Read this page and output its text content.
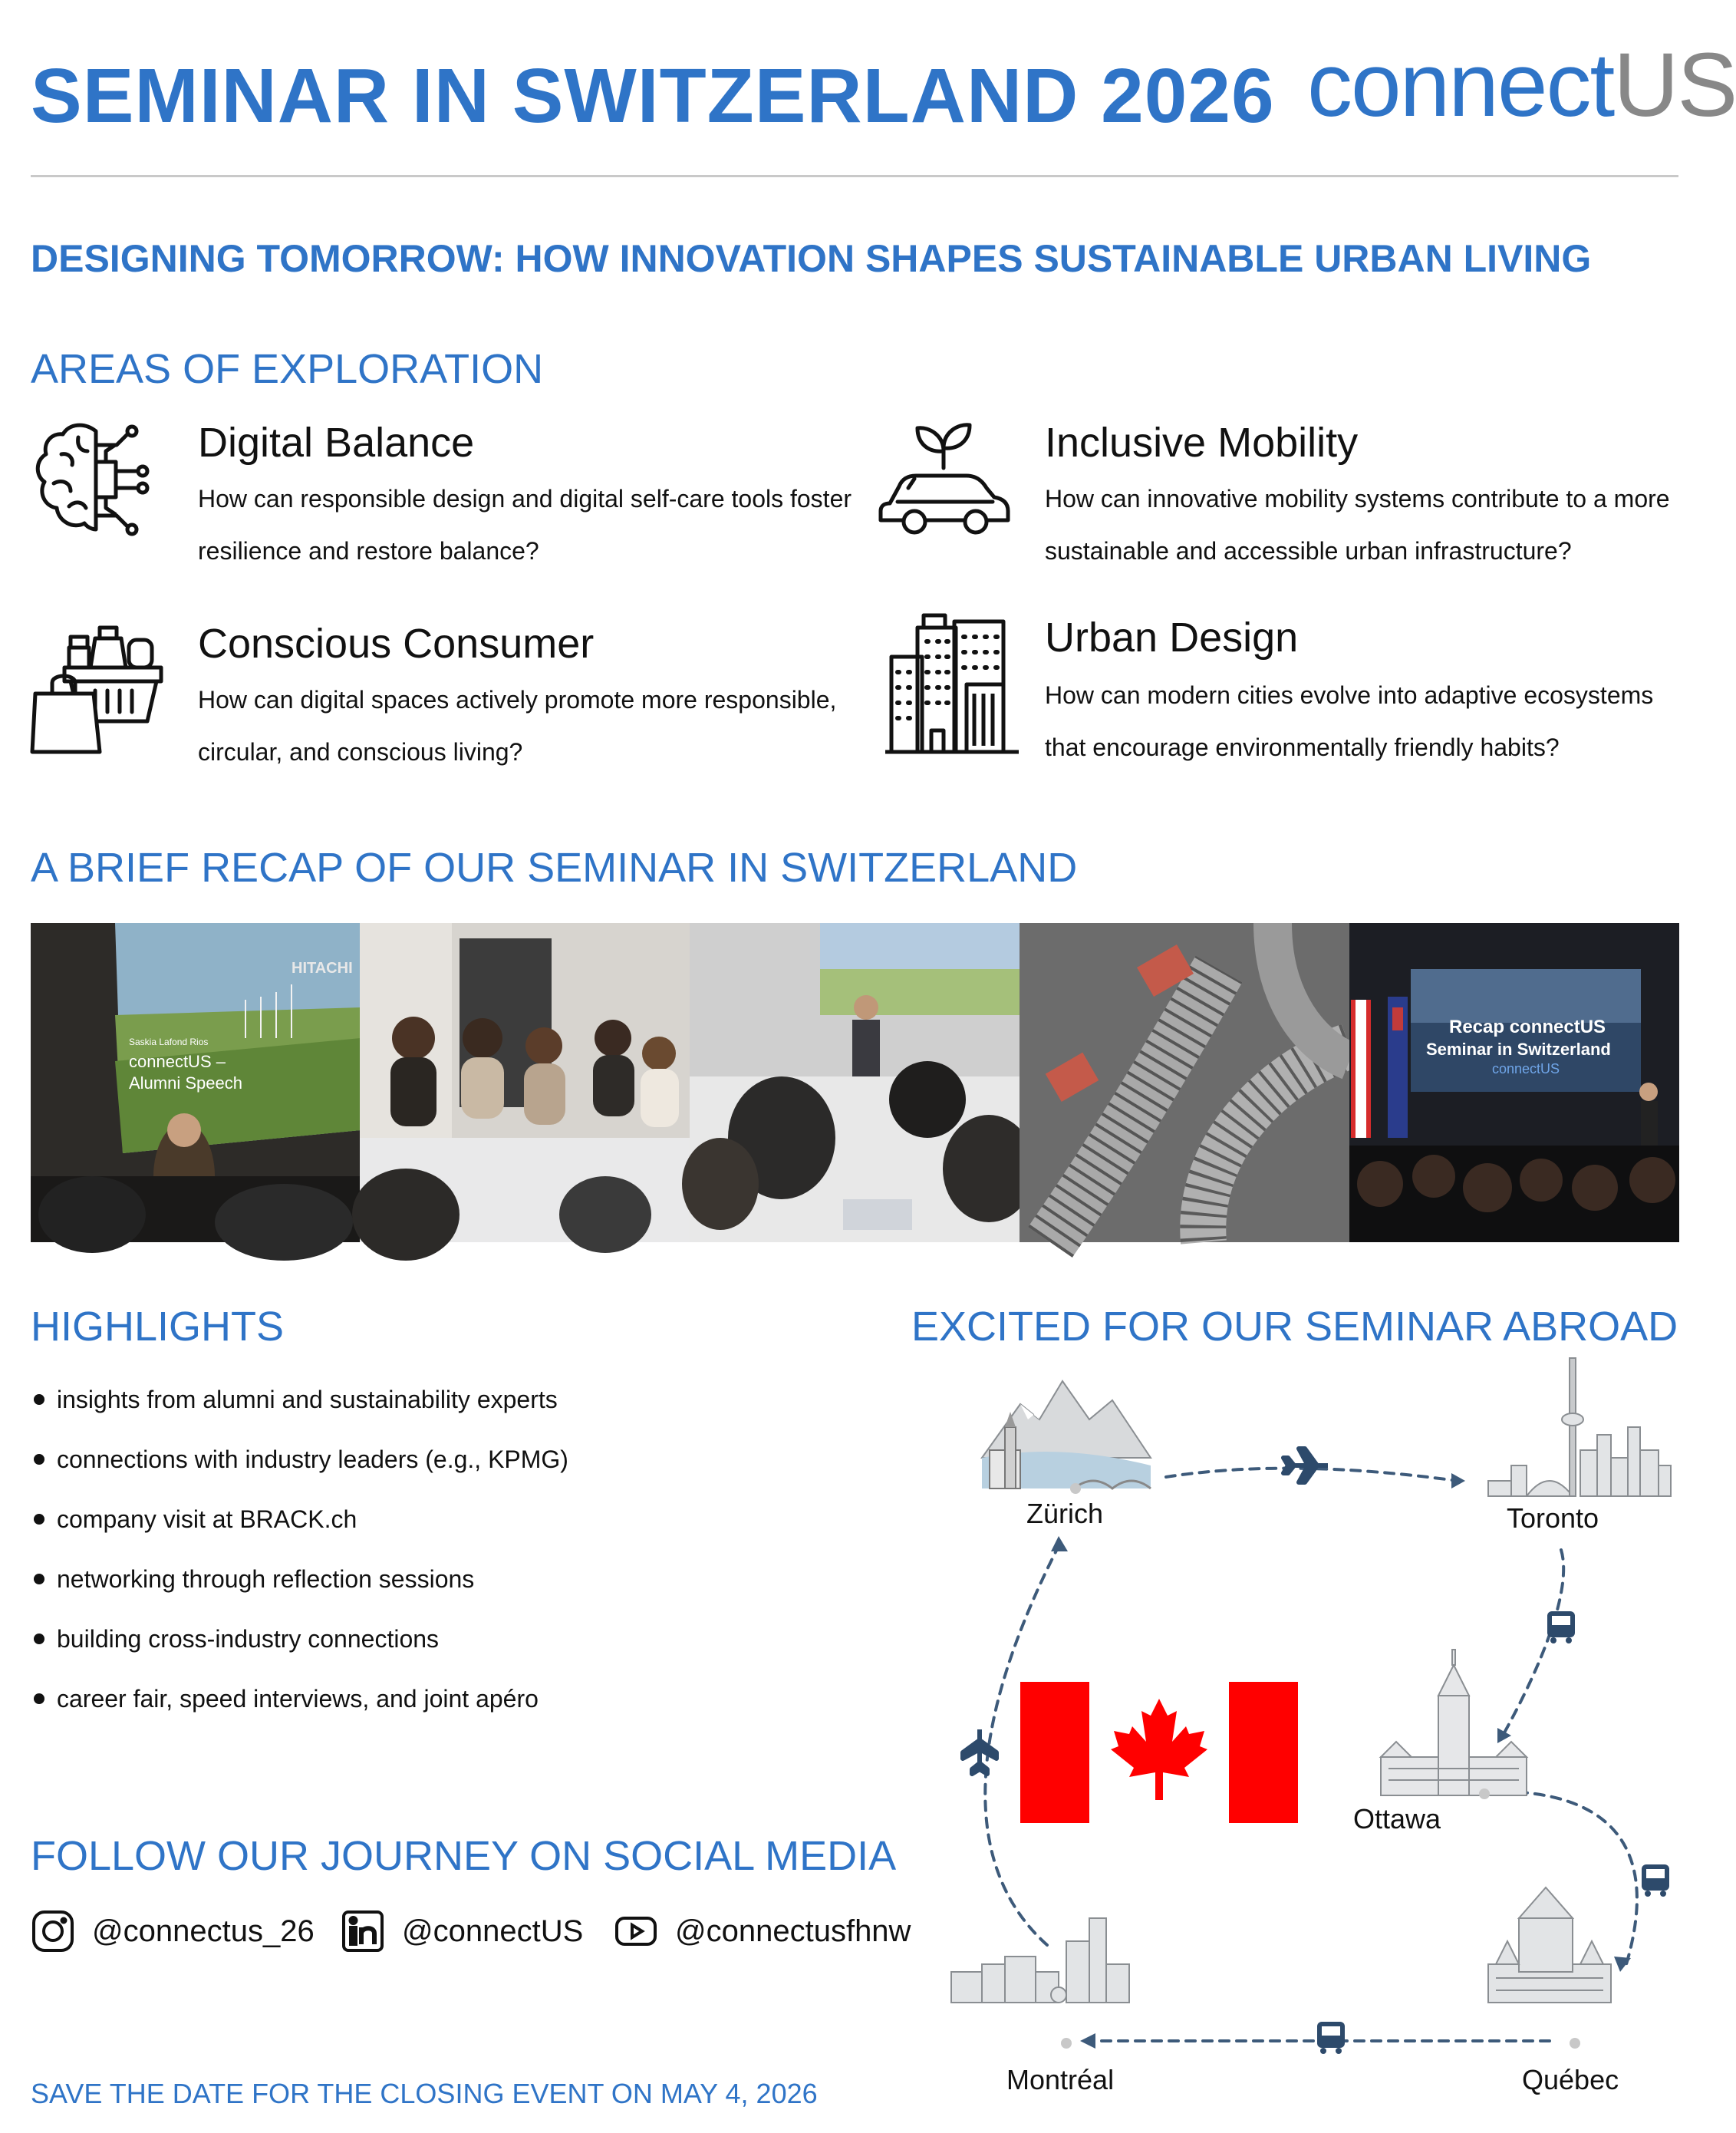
SEMINAR IN SWITZERLAND 2026 connectUS
DESIGNING TOMORROW: HOW INNOVATION SHAPES SUSTAINABLE URBAN LIVING
AREAS OF EXPLORATION
Digital Balance
How can responsible design and digital self-care tools foster resilience and restore balance?
Inclusive Mobility
How can innovative mobility systems contribute to a more sustainable and accessible urban infrastructure?
Conscious Consumer
How can digital spaces actively promote more responsible, circular, and conscious living?
Urban Design
How can modern cities evolve into adaptive ecosystems that encourage environmentally friendly habits?
A BRIEF RECAP OF OUR SEMINAR IN SWITZERLAND
HITACHI
Saskia Lafond Rios
connectUS –
Alumni Speech
Recap connectUS
Seminar in Switzerland
connectUS
HIGHLIGHTS
insights from alumni and sustainability experts
connections with industry leaders (e.g., KPMG)
company visit at BRACK.ch
networking through reflection sessions
building cross-industry connections
career fair, speed interviews, and joint apéro
FOLLOW OUR JOURNEY ON SOCIAL MEDIA
@connectus_26	@connectUS	@connectusfhnw
SAVE THE DATE FOR THE CLOSING EVENT ON MAY 4, 2026
EXCITED FOR OUR SEMINAR ABROAD
Zürich	Toronto
Ottawa
Québec
Montréal
